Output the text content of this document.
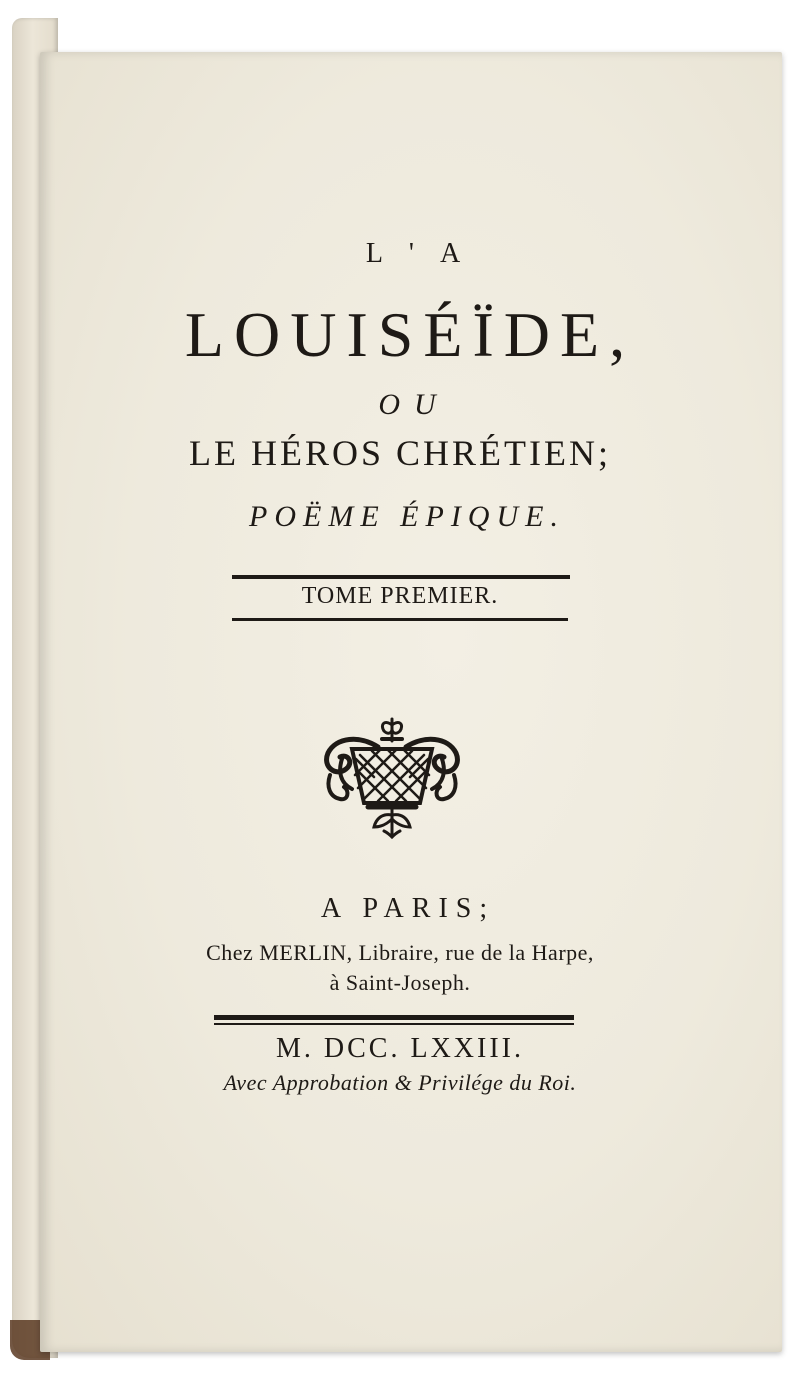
L'A
LOUISÉÏDE,
OU
LE HÉROS CHRÉTIEN;
POËME ÉPIQUE.
TOME PREMIER.
A PARIS;
Chez MERLIN, Libraire, rue de la Harpe,
à Saint-Joseph.
M. DCC. LXXIII.
Avec Approbation & Privilége du Roi.
